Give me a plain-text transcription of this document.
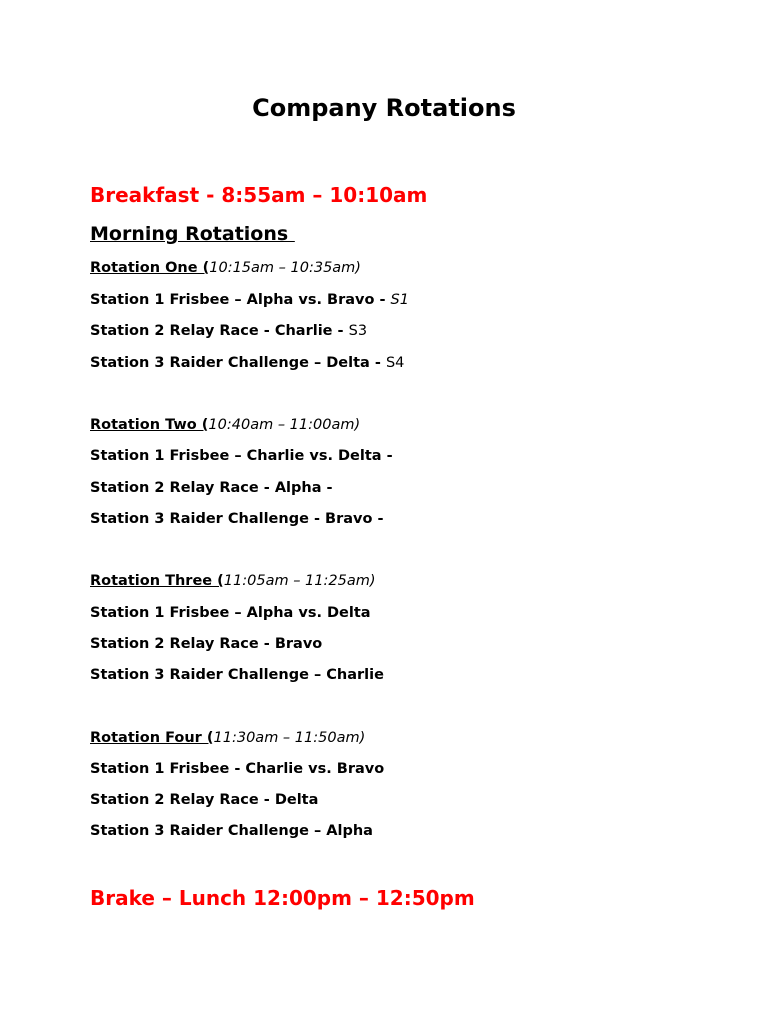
Company Rotations

Breakfast - 8:55am – 10:10am

Morning Rotations

Rotation One (10:15am – 10:35am)

Station 1 Frisbee – Alpha vs. Bravo - S1

Station 2 Relay Race - Charlie - S3

Station 3 Raider Challenge – Delta - S4

Rotation Two (10:40am – 11:00am)

Station 1 Frisbee – Charlie vs. Delta -

Station 2 Relay Race - Alpha -

Station 3 Raider Challenge - Bravo -

Rotation Three (11:05am – 11:25am)

Station 1 Frisbee – Alpha vs. Delta

Station 2 Relay Race - Bravo

Station 3 Raider Challenge – Charlie

Rotation Four (11:30am – 11:50am)

Station 1 Frisbee - Charlie vs. Bravo

Station 2 Relay Race - Delta

Station 3 Raider Challenge – Alpha

Brake – Lunch 12:00pm – 12:50pm
